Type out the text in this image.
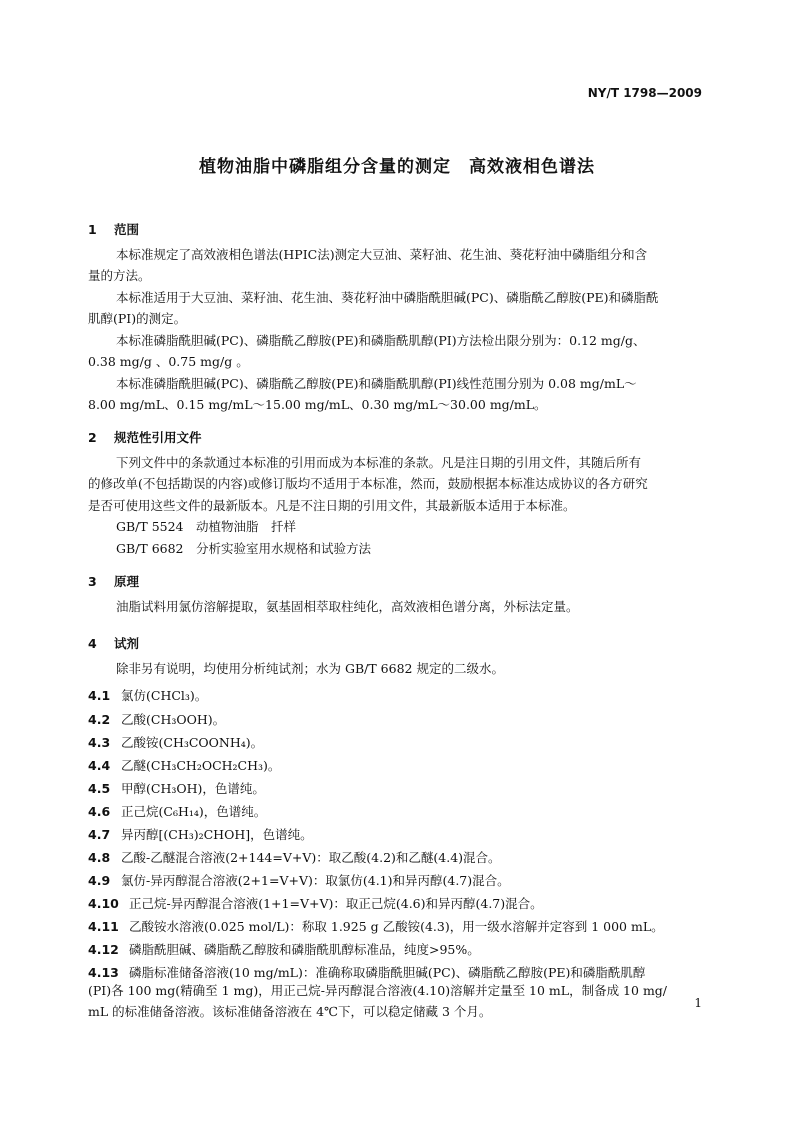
NY/T 1798—2009
植物油脂中磷脂组分含量的测定　高效液相色谱法
1 范围
本标准规定了高效液相色谱法(HPIC法)测定大豆油、菜籽油、花生油、葵花籽油中磷脂组分和含
量的方法。
本标准适用于大豆油、菜籽油、花生油、葵花籽油中磷脂酰胆碱(PC)、磷脂酰乙醇胺(PE)和磷脂酰
肌醇(PI)的测定。
本标准磷脂酰胆碱(PC)、磷脂酰乙醇胺(PE)和磷脂酰肌醇(PI)方法检出限分别为：0.12 mg/g、
0.38 mg/g 、0.75 mg/g 。
本标准磷脂酰胆碱(PC)、磷脂酰乙醇胺(PE)和磷脂酰肌醇(PI)线性范围分别为 0.08 mg/mL～
8.00 mg/mL、0.15 mg/mL～15.00 mg/mL、0.30 mg/mL～30.00 mg/mL。
2 规范性引用文件
下列文件中的条款通过本标准的引用而成为本标准的条款。凡是注日期的引用文件，其随后所有
的修改单(不包括勘误的内容)或修订版均不适用于本标准，然而，鼓励根据本标准达成协议的各方研究
是否可使用这些文件的最新版本。凡是不注日期的引用文件，其最新版本适用于本标准。
GB/T 5524　动植物油脂　扦样
GB/T 6682　分析实验室用水规格和试验方法
3 原理
油脂试料用氯仿溶解提取，氨基固相萃取柱纯化，高效液相色谱分离，外标法定量。
4 试剂
除非另有说明，均使用分析纯试剂；水为 GB/T 6682 规定的二级水。
4.1 氯仿(CHCl₃)。
4.2 乙酸(CH₃OOH)。
4.3 乙酸铵(CH₃COONH₄)。
4.4 乙醚(CH₃CH₂OCH₂CH₃)。
4.5 甲醇(CH₃OH)，色谱纯。
4.6 正己烷(C₆H₁₄)，色谱纯。
4.7 异丙醇[(CH₃)₂CHOH]，色谱纯。
4.8 乙酸-乙醚混合溶液(2+144=V+V)：取乙酸(4.2)和乙醚(4.4)混合。
4.9 氯仿-异丙醇混合溶液(2+1=V+V)：取氯仿(4.1)和异丙醇(4.7)混合。
4.10 正己烷-异丙醇混合溶液(1+1=V+V)：取正己烷(4.6)和异丙醇(4.7)混合。
4.11 乙酸铵水溶液(0.025 mol/L)：称取 1.925 g 乙酸铵(4.3)，用一级水溶解并定容到 1 000 mL。
4.12 磷脂酰胆碱、磷脂酰乙醇胺和磷脂酰肌醇标准品，纯度>95%。
4.13 磷脂标准储备溶液(10 mg/mL)：准确称取磷脂酰胆碱(PC)、磷脂酰乙醇胺(PE)和磷脂酰肌醇
(PI)各 100 mg(精确至 1 mg)，用正己烷-异丙醇混合溶液(4.10)溶解并定量至 10 mL，制备成 10 mg/
mL 的标准储备溶液。该标准储备溶液在 4℃下，可以稳定储藏 3 个月。
1
